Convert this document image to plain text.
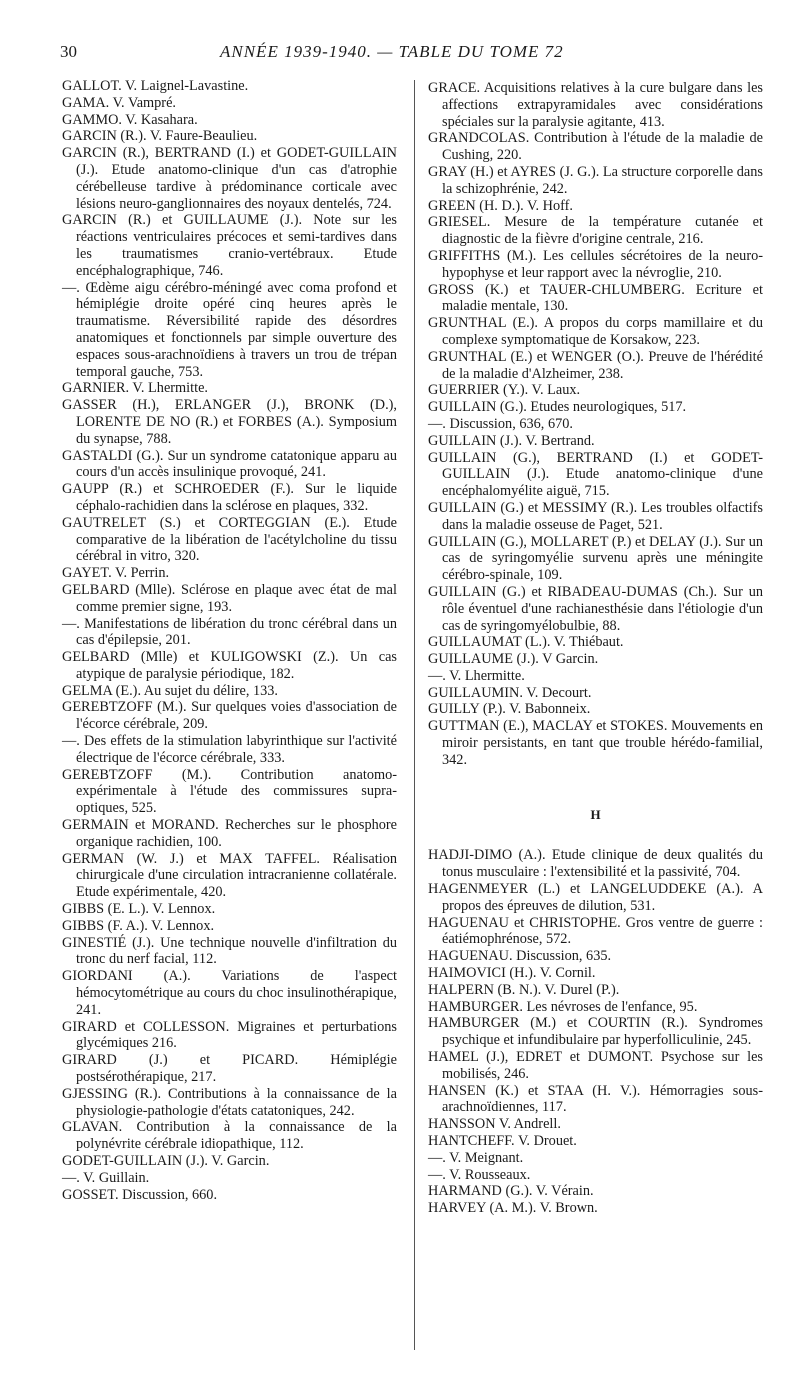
30	ANNÉE 1939-1940. — TABLE DU TOME 72

GALLOT. V. Laignel-Lavastine.

GAMA. V. Vampré.

GAMMO. V. Kasahara.

GARCIN (R.). V. Faure-Beaulieu.

GARCIN (R.), BERTRAND (I.) et GODET-GUILLAIN (J.). Etude anatomo-clinique d'un cas d'atrophie cérébelleuse tardive à prédominance corticale avec lésions neuro-ganglionnaires des noyaux dentelés, 724.

GARCIN (R.) et GUILLAUME (J.). Note sur les réactions ventriculaires précoces et semi-tardives dans les traumatismes cranio-vertébraux. Etude encéphalographique, 746.

—. Œdème aigu cérébro-méningé avec coma profond et hémiplégie droite opéré cinq heures après le traumatisme. Réversibilité rapide des désordres anatomiques et fonctionnels par simple ouverture des espaces sous-arachnoïdiens à travers un trou de trépan temporal gauche, 753.

GARNIER. V. Lhermitte.

GASSER (H.), ERLANGER (J.), BRONK (D.), LORENTE DE NO (R.) et FORBES (A.). Symposium du synapse, 788.

GASTALDI (G.). Sur un syndrome catatonique apparu au cours d'un accès insulinique provoqué, 241.

GAUPP (R.) et SCHROEDER (F.). Sur le liquide céphalo-rachidien dans la sclérose en plaques, 332.

GAUTRELET (S.) et CORTEGGIAN (E.). Etude comparative de la libération de l'acétylcholine du tissu cérébral in vitro, 320.

GAYET. V. Perrin.

GELBARD (Mlle). Sclérose en plaque avec état de mal comme premier signe, 193.

—. Manifestations de libération du tronc cérébral dans un cas d'épilepsie, 201.

GELBARD (Mlle) et KULIGOWSKI (Z.). Un cas atypique de paralysie périodique, 182.

GELMA (E.). Au sujet du délire, 133.

GEREBTZOFF (M.). Sur quelques voies d'association de l'écorce cérébrale, 209.

—. Des effets de la stimulation labyrinthique sur l'activité électrique de l'écorce cérébrale, 333.

GEREBTZOFF (M.). Contribution anatomo-expérimentale à l'étude des commissures supra-optiques, 525.

GERMAIN et MORAND. Recherches sur le phosphore organique rachidien, 100.

GERMAN (W. J.) et MAX TAFFEL. Réalisation chirurgicale d'une circulation intracranienne collatérale. Etude expérimentale, 420.

GIBBS (E. L.). V. Lennox.

GIBBS (F. A.). V. Lennox.

GINESTIÉ (J.). Une technique nouvelle d'infiltration du tronc du nerf facial, 112.

GIORDANI (A.). Variations de l'aspect hémocytométrique au cours du choc insulinothérapique, 241.

GIRARD et COLLESSON. Migraines et perturbations glycémiques 216.

GIRARD (J.) et PICARD. Hémiplégie postsérothérapique, 217.

GJESSING (R.). Contributions à la connaissance de la physiologie-pathologie d'états catatoniques, 242.

GLAVAN. Contribution à la connaissance de la polynévrite cérébrale idiopathique, 112.

GODET-GUILLAIN (J.). V. Garcin.

—. V. Guillain.

GOSSET. Discussion, 660.

GRACE. Acquisitions relatives à la cure bulgare dans les affections extrapyramidales avec considérations spéciales sur la paralysie agitante, 413.

GRANDCOLAS. Contribution à l'étude de la maladie de Cushing, 220.

GRAY (H.) et AYRES (J. G.). La structure corporelle dans la schizophrénie, 242.

GREEN (H. D.). V. Hoff.

GRIESEL. Mesure de la température cutanée et diagnostic de la fièvre d'origine centrale, 216.

GRIFFITHS (M.). Les cellules sécrétoires de la neuro-hypophyse et leur rapport avec la névroglie, 210.

GROSS (K.) et TAUER-CHLUMBERG. Ecriture et maladie mentale, 130.

GRUNTHAL (E.). A propos du corps mamillaire et du complexe symptomatique de Korsakow, 223.

GRUNTHAL (E.) et WENGER (O.). Preuve de l'hérédité de la maladie d'Alzheimer, 238.

GUERRIER (Y.). V. Laux.

GUILLAIN (G.). Etudes neurologiques, 517.

—. Discussion, 636, 670.

GUILLAIN (J.). V. Bertrand.

GUILLAIN (G.), BERTRAND (I.) et GODET-GUILLAIN (J.). Etude anatomo-clinique d'une encéphalomyélite aiguë, 715.

GUILLAIN (G.) et MESSIMY (R.). Les troubles olfactifs dans la maladie osseuse de Paget, 521.

GUILLAIN (G.), MOLLARET (P.) et DELAY (J.). Sur un cas de syringomyélie survenu après une méningite cérébro-spinale, 109.

GUILLAIN (G.) et RIBADEAU-DUMAS (Ch.). Sur un rôle éventuel d'une rachianesthésie dans l'étiologie d'un cas de syringomyélobulbie, 88.

GUILLAUMAT (L.). V. Thiébaut.

GUILLAUME (J.). V Garcin.

—. V. Lhermitte.

GUILLAUMIN. V. Decourt.

GUILLY (P.). V. Babonneix.

GUTTMAN (E.), MACLAY et STOKES. Mouvements en miroir persistants, en tant que trouble hérédo-familial, 342.

H

HADJI-DIMO (A.). Etude clinique de deux qualités du tonus musculaire : l'extensibilité et la passivité, 704.

HAGENMEYER (L.) et LANGELUDDEKE (A.). A propos des épreuves de dilution, 531.

HAGUENAU et CHRISTOPHE. Gros ventre de guerre : éatiémophrénose, 572.

HAGUENAU. Discussion, 635.

HAIMOVICI (H.). V. Cornil.

HALPERN (B. N.). V. Durel (P.).

HAMBURGER. Les névroses de l'enfance, 95.

HAMBURGER (M.) et COURTIN (R.). Syndromes psychique et infundibulaire par hyperfolliculinie, 245.

HAMEL (J.), EDRET et DUMONT. Psychose sur les mobilisés, 246.

HANSEN (K.) et STAA (H. V.). Hémorragies sous-arachnoïdiennes, 117.

HANSSON V. Andrell.

HANTCHEFF. V. Drouet.

—. V. Meignant.

—. V. Rousseaux.

HARMAND (G.). V. Vérain.

HARVEY (A. M.). V. Brown.
